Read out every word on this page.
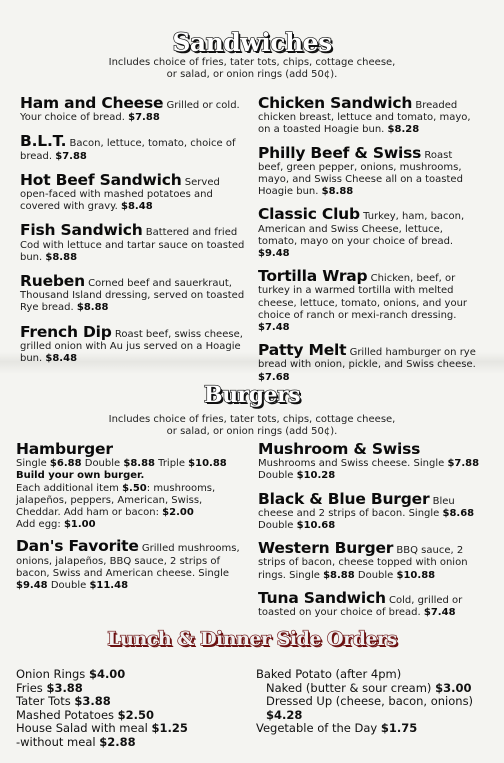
Sandwiches
Includes choice of fries, tater tots, chips, cottage cheese,
or salad, or onion rings (add 50¢).

Ham and Cheese Grilled or cold. Your choice of bread. $7.88

B.L.T. Bacon, lettuce, tomato, choice of bread. $7.88

Hot Beef Sandwich Served open-faced with mashed potatoes and covered with gravy. $8.48

Fish Sandwich Battered and fried Cod with lettuce and tartar sauce on toasted bun. $8.88

Rueben Corned beef and sauerkraut, Thousand Island dressing, served on toasted Rye bread. $8.88

French Dip Roast beef, swiss cheese, grilled onion with Au jus served on a Hoagie bun. $8.48

Chicken Sandwich Breaded chicken breast, lettuce and tomato, mayo, on a toasted Hoagie bun. $8.28

Philly Beef & Swiss Roast beef, green pepper, onions, mushrooms, mayo, and Swiss Cheese all on a toasted Hoagie bun. $8.88

Classic Club Turkey, ham, bacon, American and Swiss Cheese, lettuce, tomato, mayo on your choice of bread. $9.48

Tortilla Wrap Chicken, beef, or turkey in a warmed tortilla with melted cheese, lettuce, tomato, onions, and your choice of ranch or mexi-ranch dressing. $7.48

Patty Melt Grilled hamburger on rye bread with onion, pickle, and Swiss cheese. $7.68

Burgers
Includes choice of fries, tater tots, chips, cottage cheese,
or salad, or onion rings (add 50¢).

Hamburger
Single $6.88 Double $8.88 Triple $10.88
Build your own burger.
Each additional item $.50: mushrooms, jalapeños, peppers, American, Swiss, Cheddar. Add ham or bacon: $2.00
Add egg: $1.00

Dan's Favorite Grilled mushrooms, onions, jalapeños, BBQ sauce, 2 strips of bacon, Swiss and American cheese. Single $9.48 Double $11.48

Mushroom & Swiss
Mushrooms and Swiss cheese. Single $7.88 Double $10.28

Black & Blue Burger Bleu cheese and 2 strips of bacon. Single $8.68 Double $10.68

Western Burger BBQ sauce, 2 strips of bacon, cheese topped with onion rings. Single $8.88 Double $10.88

Tuna Sandwich Cold, grilled or toasted on your choice of bread. $7.48

Lunch & Dinner Side Orders
Onion Rings $4.00
Fries $3.88
Tater Tots $3.88
Mashed Potatoes $2.50
House Salad with meal $1.25
-without meal $2.88
Baked Potato (after 4pm)
Naked (butter & sour cream) $3.00
Dressed Up (cheese, bacon, onions) $4.28
Vegetable of the Day $1.75
